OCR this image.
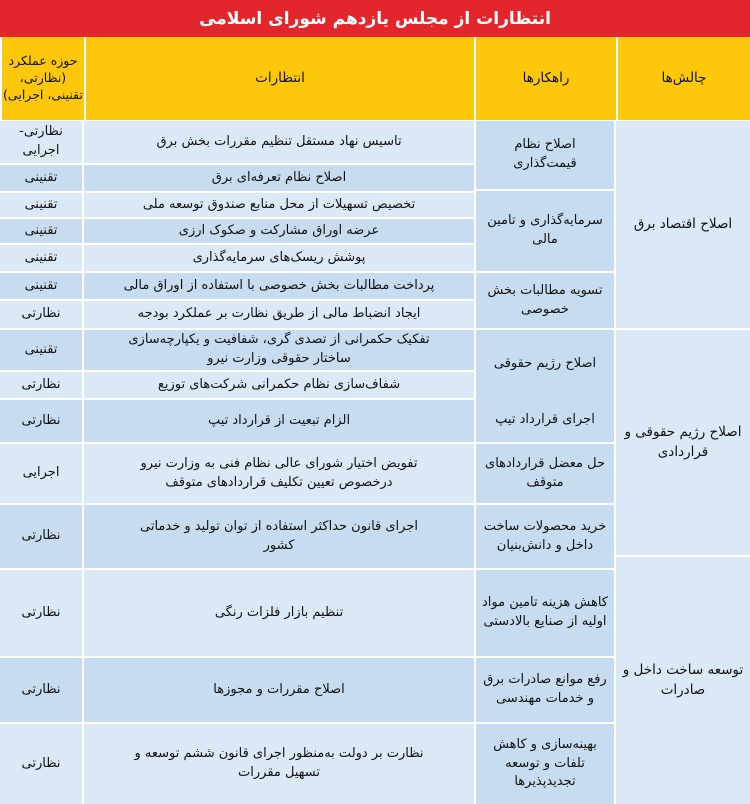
انتظارات از مجلس یازدهم شورای اسلامی
چالش‌ها
راهکارها
انتظارات
حوزه عملکرد (نظارتی، تقنینی، اجرایی)
اصلاح اقتصاد برق
اصلاح رژیم حقوقی و قراردادی
توسعه ساخت داخل و صادرات
اصلاح نظام قیمت‌گذاری
سرمایه‌گذاری و تامین مالی
تسویه مطالبات بخش خصوصی
اصلاح رژیم حقوقی
اجرای قرارداد تیپ
حل معضل قراردادهای متوقف
خرید محصولات ساخت داخل و دانش‌بنیان
کاهش هزینه تامین مواد اولیه از صنایع بالادستی
رفع موانع صادرات برق و خدمات مهندسی
بهینه‌سازی و کاهش تلفات و توسعه تجدیدپذیرها
تاسیس نهاد مستقل تنظیم مقررات بخش برق
نظارتی- اجرایی
اصلاح نظام تعرفه‌ای برق
تقنینی
تخصیص تسهیلات از محل منابع صندوق توسعه ملی
تقنینی
عرضه اوراق مشارکت و صکوک ارزی
تقنینی
پوشش ریسک‌های سرمایه‌گذاری
تقنینی
پرداخت مطالبات بخش خصوصی با استفاده از اوراق مالی
تقنینی
ایجاد انضباط مالی از طریق نظارت بر عملکرد بودجه
نظارتی
تفکیک حکمرانی از تصدی گری، شفافیت و یکپارچه‌سازی ساختار حقوقی وزارت نیرو
تقنینی
شفاف‌سازی نظام حکمرانی شرکت‌های توزیع
نظارتی
الزام تبعیت از قرارداد تیپ
نظارتی
تفویض اختیار شورای عالی نظام فنی به وزارت نیرو درخصوص تعیین تکلیف قراردادهای متوقف
اجرایی
اجرای قانون حداکثر استفاده از توان تولید و خدماتی کشور
نظارتی
تنظیم بازار فلزات رنگی
نظارتی
اصلاح مقررات و مجوزها
نظارتی
نظارت بر دولت به‌منظور اجرای قانون ششم توسعه و تسهیل مقررات
نظارتی
